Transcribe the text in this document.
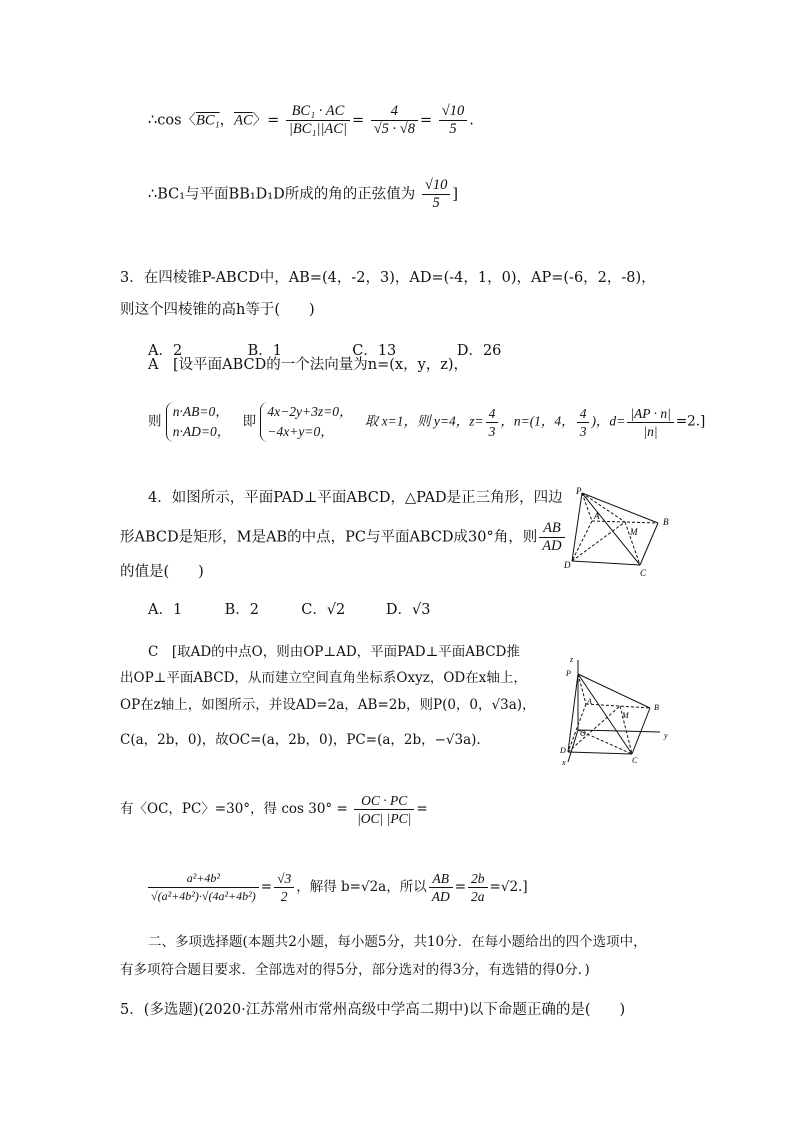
∴cos〈BC₁，$\overline{AC}$〉= $\frac{\text{BC₁ · AC}}{\text{|BC₁||AC|}} = \frac{4}{√5 \cdot √8} = \frac{√10}{5}$ .
∴BC₁与平面BB₁D₁D所成的角的正弦值为 $\frac{√10}{5}$ ]
3．在四棱锥P-ABCD中，AB=(4，-2，3)，AD=(-4，1，0)，AP=(-6，2，-8)，
则这个四棱锥的高h等于(　　)
A．2	B．1	C．13	D．26
A　[设平面ABCD的一个法向量为n=(x，y，z)，
则
n·AB=0，
n·AD=0，
即
4x−2y+3z=0，
−4x+y=0，
取 x=1，则 y=4，$z= \frac{4}{3}$ ，n=(1，4， $\frac{4}{3}$ )，$d= \frac{|AP \cdot n|}{|n|} =2$.]
4．如图所示，平面PAD⊥平面ABCD，△PAD是正三角形，四边
形ABCD是矩形，M是AB的中点，PC与平面ABCD成30°角，则 $\frac{AB}{AD}$
的值是(　　)
A．1	B．2	C．√2	D．√3
C　[取AD的中点O，则由OP⊥AD，平面PAD⊥平面ABCD推
出OP⊥平面ABCD，从而建立空间直角坐标系Oxyz，OD在x轴上，
OP在z轴上，如图所示，并设AD=2a，AB=2b，则P(0，0，√3a)，
C(a，2b，0)，故OC=(a，2b，0)，PC=(a，2b，−√3a).
有〈OC，PC〉=30°，得 $\cos 30^\circ = \frac{OC \cdot PC}{|OC| |PC|}$ =
$\frac{\text{a²+4b²}}{\text{√(a²+4b²)·√(4a²+4b²)}} = \frac{√3}{2}$ ，解得 b=√2a，所以 $\frac{AB}{AD} = \frac{2b}{2a} =√2$.]
二、多项选择题(本题共2小题，每小题5分，共10分．在每小题给出的四个选项中，
有多项符合题目要求．全部选对的得5分，部分选对的得3分，有选错的得0分．)
5．(多选题)(2020·江苏常州市常州高级中学高二期中)以下命题正确的是(　　)
P
A
M
B
D
C
z
P
A
M
B
O	y
D
C
x
